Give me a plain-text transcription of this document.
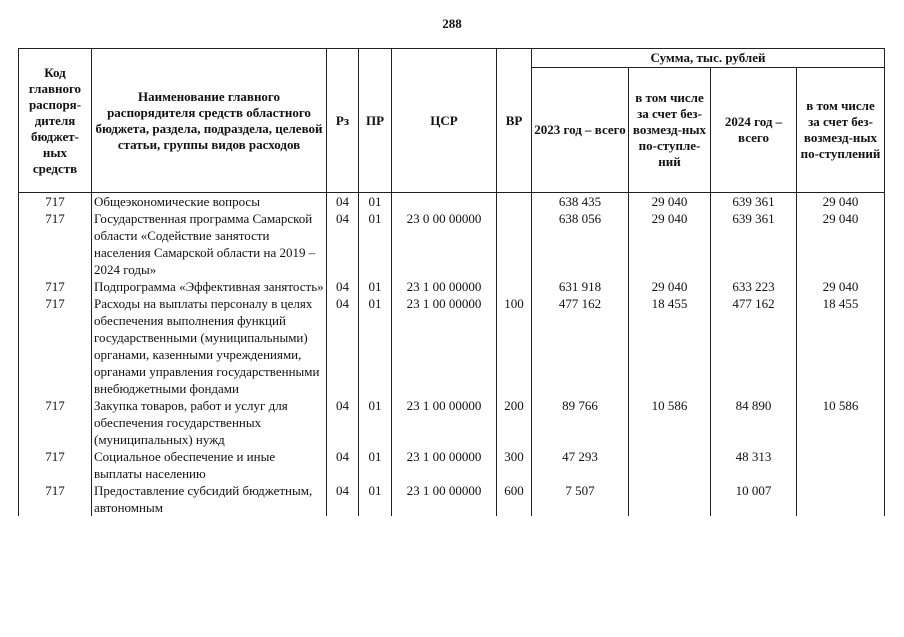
288
Код главного распоря-дителя бюджет-ных средств	Наименование главного распорядителя средств областного бюджета, раздела, подраздела, целевой статьи, группы видов расходов	Рз	ПР	ЦСР	ВР	Сумма, тыс. рублей			
						2023 год – всего	в том числе за счет без-возмезд-ных по-ступле-ний	2024 год – всего	в том числе за счет без-возмезд-ных по-ступлений
717	Общеэкономические вопросы	04	01			638 435	29 040	639 361	29 040
717	Государственная программа Самарской области «Содействие занятости населения Самарской области на 2019 – 2024 годы»	04	01	23 0 00 00000		638 056	29 040	639 361	29 040
717	Подпрограмма «Эффективная занятость»	04	01	23 1 00 00000		631 918	29 040	633 223	29 040
717	Расходы на выплаты персоналу в целях обеспечения выполнения функций государственными (муниципальными) органами, казенными учреждениями, органами управления государственными внебюджетными фондами	04	01	23 1 00 00000	100	477 162	18 455	477 162	18 455
717	Закупка товаров, работ и услуг для обеспечения государственных (муниципальных) нужд	04	01	23 1 00 00000	200	89 766	10 586	84 890	10 586
717	Социальное обеспечение и иные выплаты населению	04	01	23 1 00 00000	300	47 293		48 313	
717	Предоставление субсидий бюджетным, автономным	04	01	23 1 00 00000	600	7 507		10 007	
